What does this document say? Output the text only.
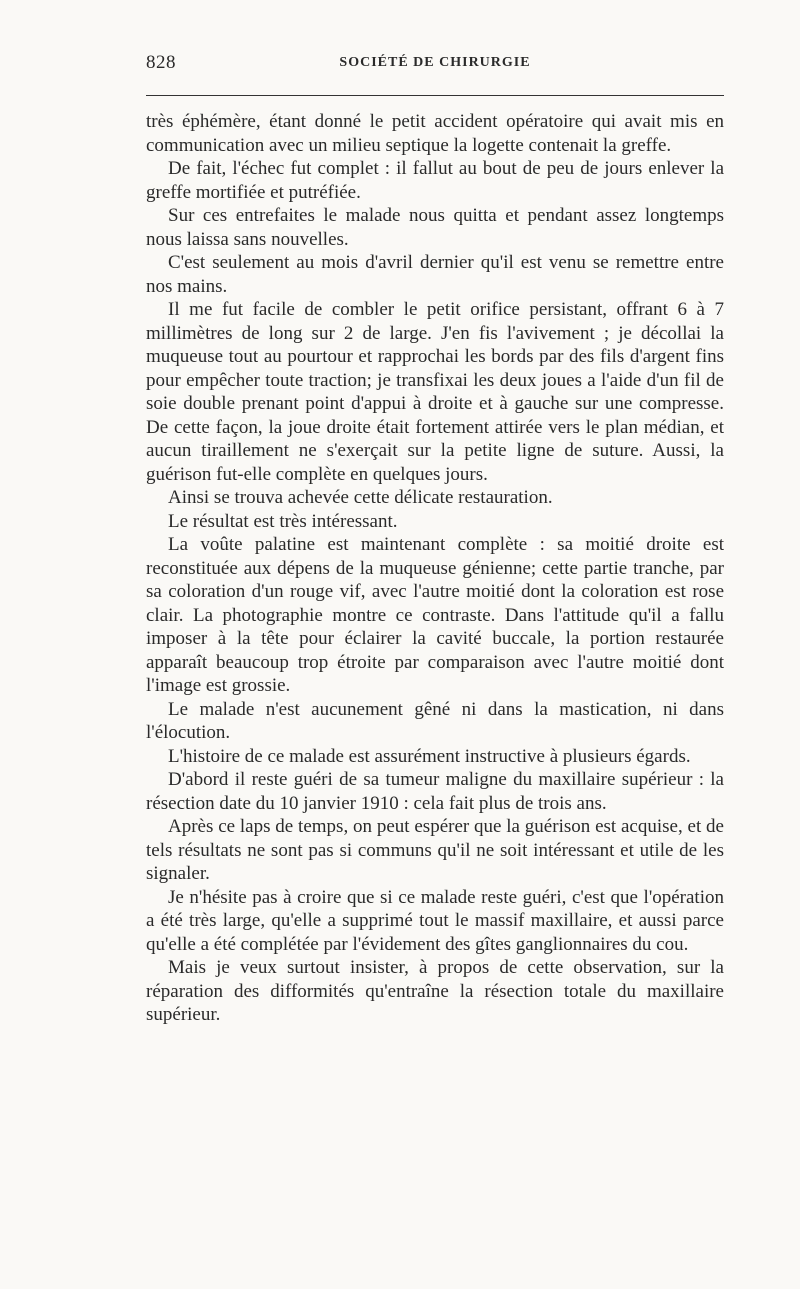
828	SOCIÉTÉ DE CHIRURGIE

très éphémère, étant donné le petit accident opératoire qui avait mis en communication avec un milieu septique la logette contenait la greffe.

De fait, l'échec fut complet : il fallut au bout de peu de jours enlever la greffe mortifiée et putréfiée.

Sur ces entrefaites le malade nous quitta et pendant assez longtemps nous laissa sans nouvelles.

C'est seulement au mois d'avril dernier qu'il est venu se remettre entre nos mains.

Il me fut facile de combler le petit orifice persistant, offrant 6 à 7 millimètres de long sur 2 de large. J'en fis l'avivement ; je décollai la muqueuse tout au pourtour et rapprochai les bords par des fils d'argent fins pour empêcher toute traction; je transfixai les deux joues a l'aide d'un fil de soie double prenant point d'appui à droite et à gauche sur une compresse. De cette façon, la joue droite était fortement attirée vers le plan médian, et aucun tiraillement ne s'exerçait sur la petite ligne de suture. Aussi, la guérison fut-elle complète en quelques jours.

Ainsi se trouva achevée cette délicate restauration.

Le résultat est très intéressant.

La voûte palatine est maintenant complète : sa moitié droite est reconstituée aux dépens de la muqueuse génienne; cette partie tranche, par sa coloration d'un rouge vif, avec l'autre moitié dont la coloration est rose clair. La photographie montre ce contraste. Dans l'attitude qu'il a fallu imposer à la tête pour éclairer la cavité buccale, la portion restaurée apparaît beaucoup trop étroite par comparaison avec l'autre moitié dont l'image est grossie.

Le malade n'est aucunement gêné ni dans la mastication, ni dans l'élocution.

L'histoire de ce malade est assurément instructive à plusieurs égards.

D'abord il reste guéri de sa tumeur maligne du maxillaire supérieur : la résection date du 10 janvier 1910 : cela fait plus de trois ans.

Après ce laps de temps, on peut espérer que la guérison est acquise, et de tels résultats ne sont pas si communs qu'il ne soit intéressant et utile de les signaler.

Je n'hésite pas à croire que si ce malade reste guéri, c'est que l'opération a été très large, qu'elle a supprimé tout le massif maxillaire, et aussi parce qu'elle a été complétée par l'évidement des gîtes ganglionnaires du cou.

Mais je veux surtout insister, à propos de cette observation, sur la réparation des difformités qu'entraîne la résection totale du maxillaire supérieur.
